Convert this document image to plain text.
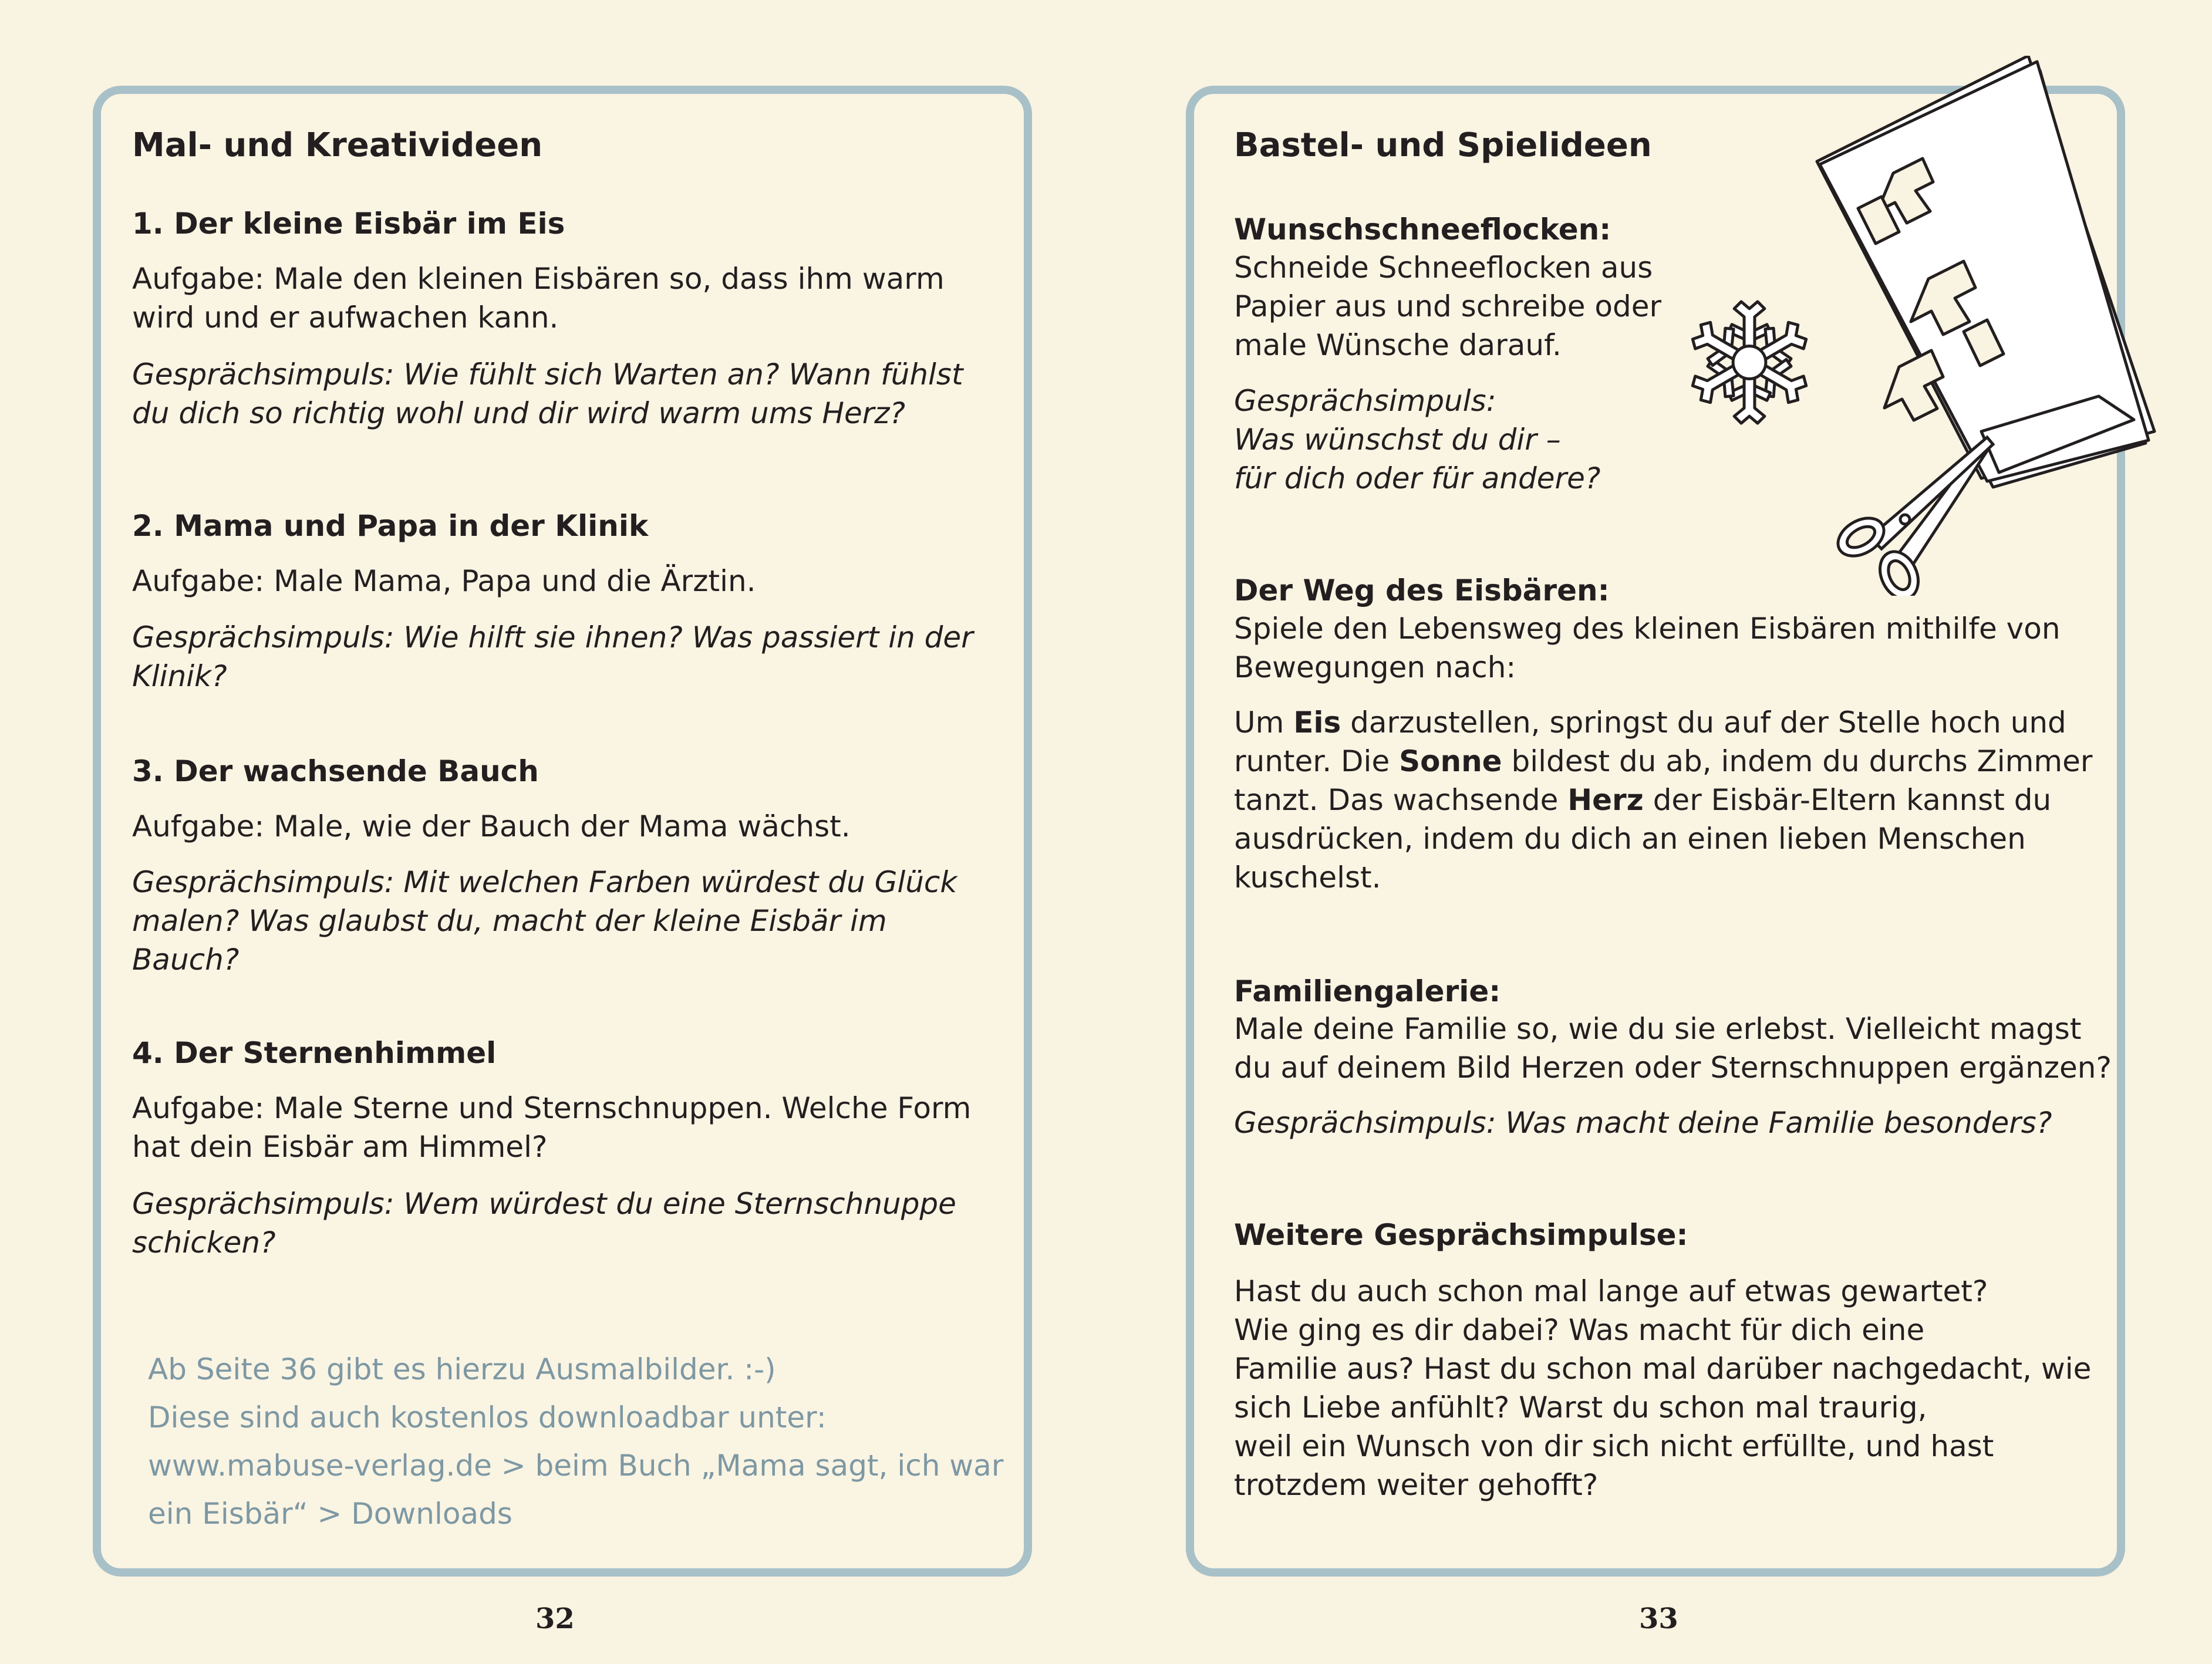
Mal- und Kreativideen
1. Der kleine Eisbär im Eis
Aufgabe: Male den kleinen Eisbären so, dass ihm warm
wird und er aufwachen kann.
Gesprächsimpuls: Wie fühlt sich Warten an? Wann fühlst
du dich so richtig wohl und dir wird warm ums Herz?
2. Mama und Papa in der Klinik
Aufgabe: Male Mama, Papa und die Ärztin.
Gesprächsimpuls: Wie hilft sie ihnen? Was passiert in der
Klinik?
3. Der wachsende Bauch
Aufgabe: Male, wie der Bauch der Mama wächst.
Gesprächsimpuls: Mit welchen Farben würdest du Glück
malen? Was glaubst du, macht der kleine Eisbär im
Bauch?
4. Der Sternenhimmel
Aufgabe: Male Sterne und Sternschnuppen. Welche Form
hat dein Eisbär am Himmel?
Gesprächsimpuls: Wem würdest du eine Sternschnuppe
schicken?
Ab Seite 36 gibt es hierzu Ausmalbilder. :-)
Diese sind auch kostenlos downloadbar unter:
www.mabuse-verlag.de > beim Buch „Mama sagt, ich war
ein Eisbär“ > Downloads
32
Bastel- und Spielideen
Wunschschneeflocken:
Schneide Schneeflocken aus
Papier aus und schreibe oder
male Wünsche darauf.
Gesprächsimpuls:
Was wünschst du dir –
für dich oder für andere?
Der Weg des Eisbären:
Spiele den Lebensweg des kleinen Eisbären mithilfe von
Bewegungen nach:
Um Eis darzustellen, springst du auf der Stelle hoch und
runter. Die Sonne bildest du ab, indem du durchs Zimmer
tanzt. Das wachsende Herz der Eisbär-Eltern kannst du
ausdrücken, indem du dich an einen lieben Menschen
kuschelst.
Familiengalerie:
Male deine Familie so, wie du sie erlebst. Vielleicht magst
du auf deinem Bild Herzen oder Sternschnuppen ergänzen?
Gesprächsimpuls: Was macht deine Familie besonders?
Weitere Gesprächsimpulse:
Hast du auch schon mal lange auf etwas gewartet?
Wie ging es dir dabei? Was macht für dich eine
Familie aus? Hast du schon mal darüber nachgedacht, wie
sich Liebe anfühlt? Warst du schon mal traurig,
weil ein Wunsch von dir sich nicht erfüllte, und hast
trotzdem weiter gehofft?
33
